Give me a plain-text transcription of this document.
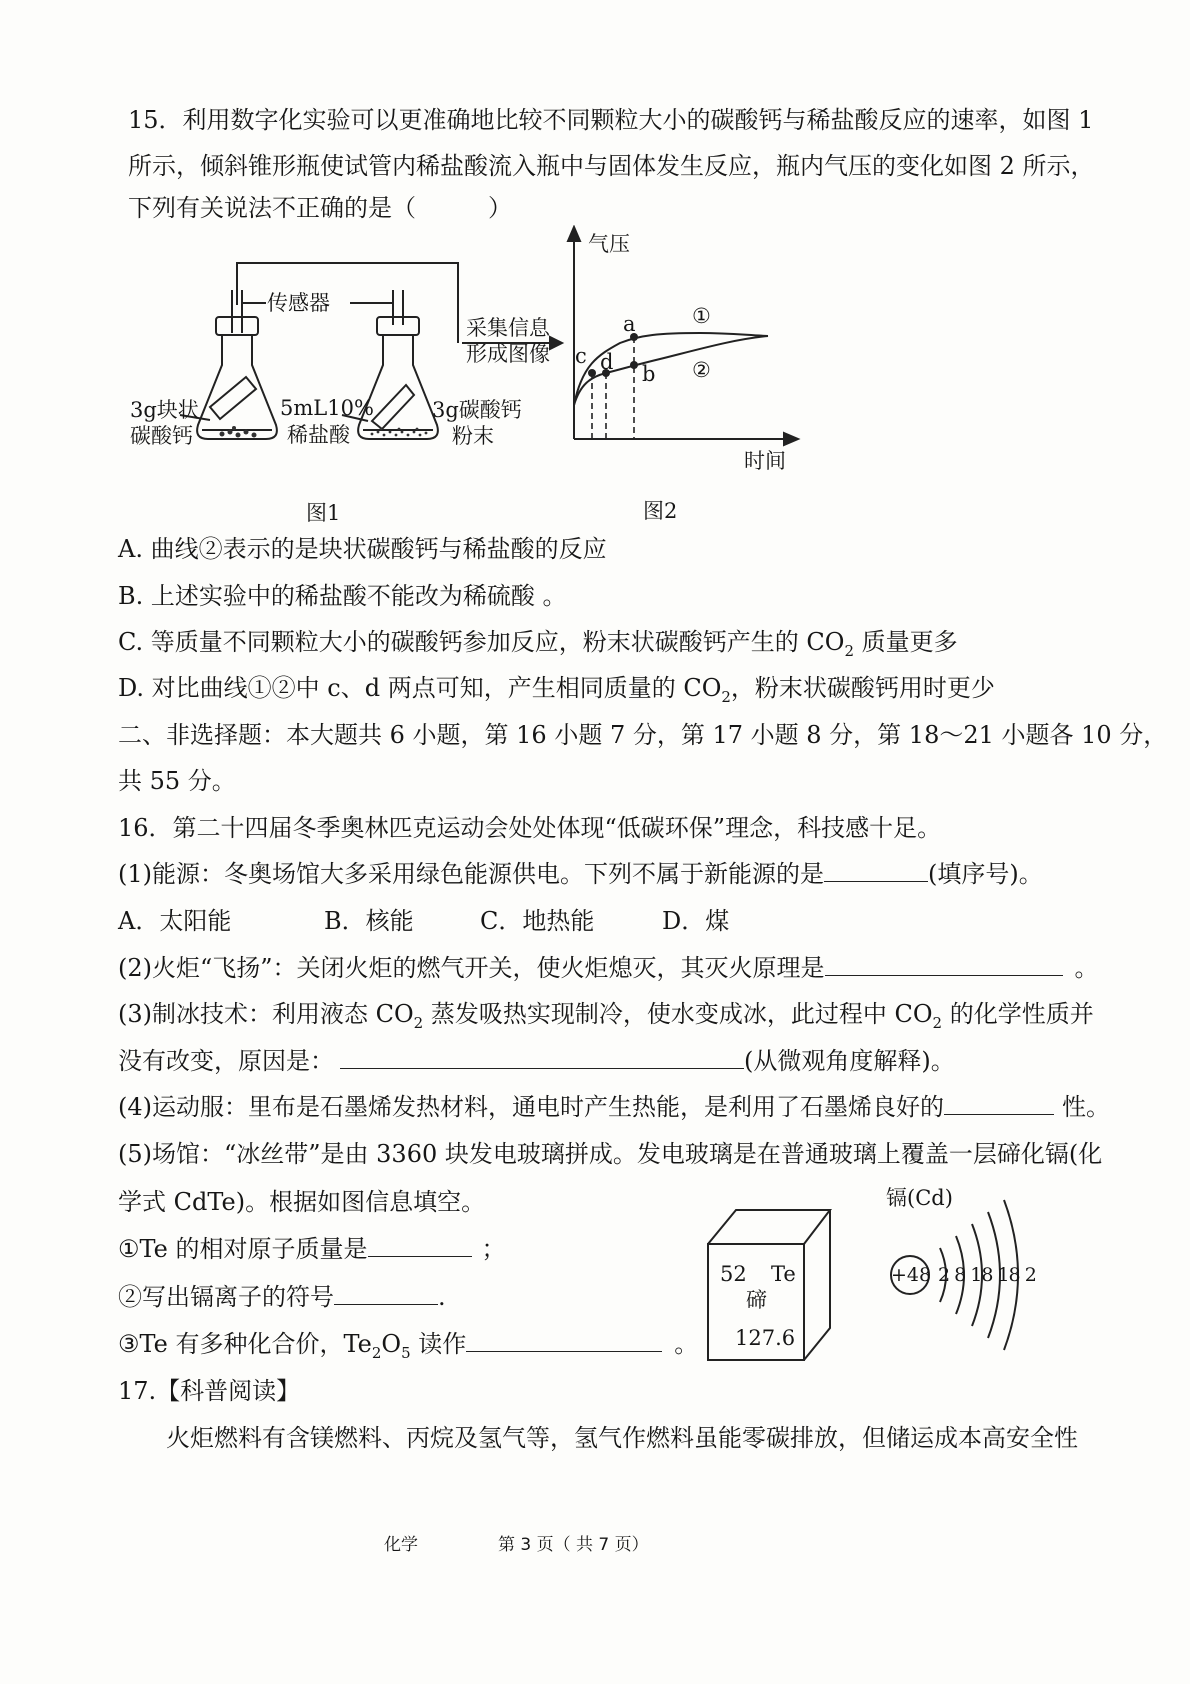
15．利用数字化实验可以更准确地比较不同颗粒大小的碳酸钙与稀盐酸反应的速率，如图 1
所示，倾斜锥形瓶使试管内稀盐酸流入瓶中与固体发生反应，瓶内气压的变化如图 2 所示，
下列有关说法不正确的是（　　　）
传感器
3g块状
碳酸钙
5mL10%
稀盐酸
3g碳酸钙
粉末
采集信息
形成图像
图1
气压
时间
a
b
c d
①
②
图2
A. 曲线②表示的是块状碳酸钙与稀盐酸的反应
B. 上述实验中的稀盐酸不能改为稀硫酸 。
C. 等质量不同颗粒大小的碳酸钙参加反应，粉末状碳酸钙产生的 $CO_2$ 质量更多
D. 对比曲线①②中 c、d 两点可知，产生相同质量的 $CO_2$，粉末状碳酸钙用时更少
二、非选择题：本大题共 6 小题，第 16 小题 7 分，第 17 小题 8 分，第 18～21 小题各 10 分，
共 55 分。
16．第二十四届冬季奥林匹克运动会处处体现“低碳环保”理念，科技感十足。
(1)能源：冬奥场馆大多采用绿色能源供电。下列不属于新能源的是	(填序号)。
A．太阳能	B．核能	C．地热能	D．煤
(2)火炬“飞扬”：关闭火炬的燃气开关，使火炬熄灭，其灭火原理是	。
(3)制冰技术：利用液态 $CO_2$ 蒸发吸热实现制冷，使水变成冰，此过程中 $CO_2$ 的化学性质并
没有改变，原因是：	(从微观角度解释)。
(4)运动服：里布是石墨烯发热材料，通电时产生热能，是利用了石墨烯良好的	性。
(5)场馆：“冰丝带”是由 3360 块发电玻璃拼成。发电玻璃是在普通玻璃上覆盖一层碲化镉(化
学式 CdTe)。根据如图信息填空。
①Te 的相对原子质量是	；
②写出镉离子的符号	.
③Te 有多种化合价，$Te_2O_5$ 读作	。
52 Te
碲
127.6
镉(Cd)
+48 2 8 18 18 2
17.【科普阅读】
火炬燃料有含镁燃料、丙烷及氢气等，氢气作燃料虽能零碳排放，但储运成本高安全性
化学	第 3 页（ 共 7 页）
